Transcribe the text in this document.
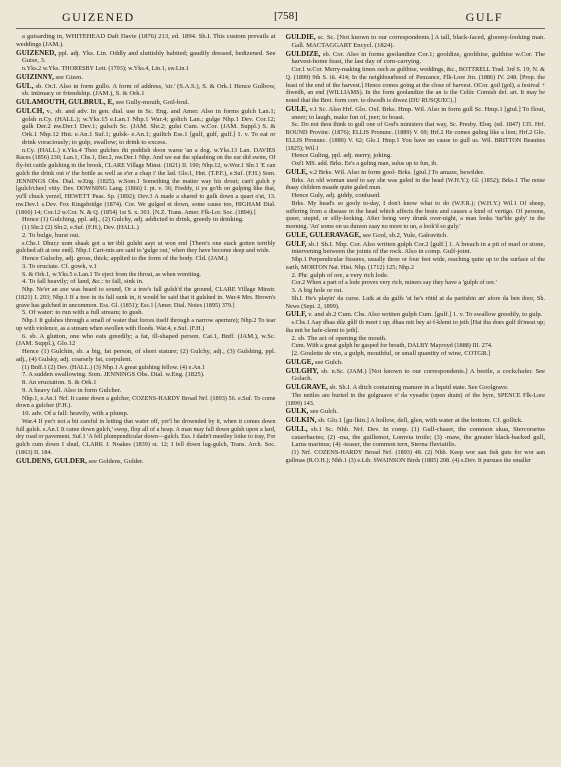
GUIZENED	[758]	GULF

a guisarding in, WHITEHEAD Daft Davie (1876) 213, ed. 1894. Sh.I. This custom prevails at weddings (JAM.).

GUIZENED, ppl. adj. Yks. Lin. Oddly and sluttishly habited; gaudily dressed, bedizened. See Guise, 3.

n.Yks.2 w.Yks. THORESBY Lett. (1703); w.Yks.4, Lin.1, sw.Lin.1

GUIZINNY, see Gizen.

GUL, sb. Or.I. Also in form gullo. A form of address, 'sir.' (S.A.S.), S. & Ork.1 Hence Gulbow, sb. intimacy or friendship. (JAM.), S. & Ork.1

GULAMOUTH, GULBRUL, E, see Gully-mouth, Goil-brul.

GULCH, v., sb. and adv. In gen. dial. use in Sc. Eng. and Amer. Also in forms gulch Lan.1; golsh n.Cy. (HALL.); w.Yks.15 e.Lan.1 Nhp.1 War.4; goltch Lan.; gulge Nhp.1 Dev. Cor.12; gulk Der.2 nw.Der.1 Dev.1; gulsch Sc. (JAM. Shr.2; gulst Cum. w.Cor. (JAM. Suppl.) S. & Ork.1 Nhp.12 Hnt. e.An.1 Suf.1; gulsk- e.An.1; guiltch Ess.1 [gulf, gulf, gulf.] 1. v. To eat or drink voraciously; to gulp, swallow; to drink to excess.

n.Cy. (HALL.) n.Yks.4 Thoo gulches thi poddish doon warse 'an a dog. w.Yks.13 Lan. DAVIES Races (1856) 230; Lan.1, Chs.1, Der.2, nw.Der.1 Nhp. And we eat the splashing on the ear did swim, Of fly-bit cattle gulshing in the brook, CLARE Village Minst. (1821) II. 190; Nhp.12, w.Wor.1 Shr.1 'E can gulch the drink out o' the bottle as well as e'er a chap i' the lad. Glo.1, Hnt. (T.P.F.), e.Suf. (F.H.) Som. JENNINGS Obs. Dial. w.Eng. (1825). w.Som.1 Something the matter way his drout; can't gulch y [gulch'chee] vitty. Dev. DOWNING Lang. (1866) I. pt. v. 36; Freddy, ii yu go'th on gulping like that, yu'll chuck yerzel, HEWETT Peas. Sp. (1892); Dev.3 A made a shared to gulk down a quart o'at, 13. nw.Dev.1 s.Dev. Fox Kingsbridge (1874). Cor. We gulged et down, some cause too, HIGHAM Dial. (1866) 14; Cor.12 w.Cor. N. & Q. (1854) 1st S. x. 301. [N.Z. Trans. Amer. Flk-Lor. Soc. (1894).]

Hence (1) Gulching, ppl. adj., (2) Gulchy, adj. addicted to drink, greedy in drinking.

(1) Shr.2 (2) Shr.2, e.Suf. (F.H.), Dev. (HALL.)

2. To bulge, burst out.

s.Chs.1 Dhur,r uom shaak got a ter·ibli gulsht aayt ut won end [There's one stack gotten terribly gulched aft at one end]. Nhp.1 Cart-ruts are said to 'gulge out,' when they have become deep and wide.

Hence Gulschy, adj. gross, thick; applied to the form of the body. Cld. (JAM.)

3. To eructate. Cf. gowk, v.1

S. & Ork.1, w.Yks.5 e.Lan.1 To eject from the throat, as when vomiting.

4. To fall heavily; of land, &c.: to fall, sink in.

Nhp. Ne'er an axe was heard to sound, Or a tree's fall gulsh'd the ground, CLARE Village Minstr. (1821) I. 203; Nhp.1 If a tree in its fall sunk in, it would be said that it gulshed in. War.4 Mrs. Brown's grave has gulched in uncommon. Ess. Gl. (1851); Ess.1 [Amer. Dial. Notes (1895) 379.]

5. Of water: to run with a full stream; to gush.

Nhp.1 It gulshes through a small of water that forces itself through a narrow aperture); Nhp.2 To tear up with violence, as a stream when swollen with floods. War.4, e.Suf. (F.H.)

6. sb. A glutton, one who eats greedily; a fat, ill-shaped person. Cai.1, Bnff. (JAM.), w.Sc. (JAM. Suppl.), Glo.12

Hence (1) Gulchin, sb. a big, fat person, of short stature; (2) Gulchy, adj., (3) Gulshing, ppl. adj., (4) Gulsky, adj. coarsely fat, corpulent.

(1) Bnff.1 (2) Dev. (HALL.) (3) Nhp.1 A great gulshing fellow. (4) e.An.1

7. A sudden swallowing. Som. JENNINGS Obs. Dial. w.Eng. (1825).

8. An eructation. S. & Ork.1

9. A heavy fall. Also in form Gulcher.

Nhp.1, e.An.1 Nrf. It came down a gulcher, COZENS-HARDY Broad Nrf. (1893) 56. e.Suf. To come down a gulcher (F.H.).

10. adv. Of a fall: heavily, with a plump.

War.4 If yer'r not a bit careful in letting that water off, yer'l be drownded by it, when it comes down full gulsh. e.An.1 It came down gulch,' swop, flop all of a heap. A man may fall down gulsh upon a lard, dry road or pavement. Suf.1 'A fell plumpendicular down—gulch. Ess. I dadn't meetley loike to tray, For gulch cum down I shud, CLARK J. Noakes (1839) st. 12; I fell down lug-gulch, Trans. Arch. Soc. (1863) II. 184.

GULDENS, GULDER, see Goldens, Golder.

GULDIE, sc. Sc. [Not known to our correspondents.] A tall, black-faced, gloomy-looking man. Gall. MACTAGGART Encycl. (1824).

GULDIZE, sb. Cor. Also in forms goolandize Cor.1; gooldize, goolthise, gulthise w.Cor. The harvest-home feast, the last day of corn-carrying.

Cor.1 w.Cor. Merry-making times such as gulthise, weddings, &c., BOTTRELL Trad. 3rd S. 19; N. & Q. (1899) 9th S. iii. 414; In the neighbourhood of Penzance, Flk-Lore Jrn. (1886) IV. 248. [Prop. the feast of the end of the harvest.] Hence comes going at the close of harvest. OCor. goil (gol), a festival + diwedh, an end (WILLIAMS). In the form goolandize the an is the Celtic Cornish def. art. It may be noted that the Bret. form corr. to diwedh is diwez (DU RUSQUEC).]

GULE, v.1 Sc. Also Hrf. Glo. Oxf. Brks. Hmp. Wil. Also in form gull Sc. Hmp.1 [giul.] To flout, sneer; to laugh, make fun of, jeer; to boast.

Sc. Do not thou think to gull one of God's ministers that way, Sc. Presby. Eloq. (ed. 1847) 135. Hrf. BOUND Provinc. (1876); ELLIS Pronunc. (1889) V. 69; Hrf.2 He comes guling like a lion; Hrf.2 Glo. ELLIS Pronunc. (1889) V. 62; Glo.1 Hmp.1 You have no cause to gull us. Wil. BRITTON Beauties (1825); Wil.1

Hence Guling, ppl. adj. merry, joking.

Oxf1 MS. add. Brks. Ee's a guling man, sulus up to fun, ib.

GULE, v.2 Brks. Wil. Also in form gool- Brks. [giul.] To amaze, bewilder.

Brks. An old woman used to say she was guled in the head (W.H.Y.); Gl. (1852); Brks.1 The noise thaay childern maade quite guled mun.

Hence Guly, adj. giddy, confused.

Brks. My head's so gooly to-day, I don't know what to do (W.F.R.); (W.H.Y.) Wil.1 Of sheep, suffering from a disease in the head which affects the brain and causes a kind of vertigo. Of persons, queer, stupid, or silly-looking. After being very drunk over-night, a man looks 'tur'ble guly' in the morning. 'An' some on us durzen zaay no more to un, a look'd so guly.'

GULE, GULERAVAGE, see Gool, sb.2, Yule, Galravitch.

GULF, sb.1 Sh.I. Nhp. Cor. Also written gulph Cor.2 [gulf.] 1. A breach in a pit of marl or stone, intervening between the joints of the rock. Also in comp. Gulf-joint.

Nhp.1 Perpendicular fissures, usually three or four feet wide, reaching quite up to the surface of the earth, MORTON Nat. Hist. Nhp. (1712) 125; Nhp.2

2. Phr. gulph of ore, a very rich lode.

Cor.2 When a part of a lode proves very rich, miners say they have a 'gulph of ore.'

3. A big hole or rut.

Sh.I. He's playin' da curse. Luik at da gulfs 'at he's rötid at da partishin an' afore da ben door, Sh. News (Sept. 2, 1899).

GULF, v. and sb.2 Cum. Chs. Also written gulph Cum. [gulf.] 1. v. To swallow greedily, to gulp.

s.Chs.1 Aay dhaa dûz gûlf th meet t up; dhaa mit bey ai·f-klemt to jeth [Hai tha does gulf th'meat up; tha mit be hafe-clemt to jeth].

2. sb. The act of opening the mouth.

Cum. With a great gulph he gasped for breath, DALBY Mayroyd (1888) III. 274.

[2. Goulette de vin, a gulph, mouthful, or small quantity of wine, COTGR.]

GULGE, see Gulch.

GULGHY, sb. n.Sc. (JAM.) [Not known to our correspondents.] A beetle, a cockchafer. See Golach.

GULGRAVE, sb. Sh.I. A ditch containing manure in a liquid state. See Goolgrave.

The nettles are buried in the gulgraave o' da vyeadie (open drain) of the byre, SPENCE Flk-Lore (1899) 143.

GULK, see Gulch.

GULKIN, sb. Glo.1 [gu·lkin.] A hollow, dell, glen, with water at the bottom. Cf. gollick.

GULL, sb.1 Sc. Nhb. Nrf. Dev. In comp. (1) Gull-chaser, the common skua, Stercorarius catarrhactes; (2) -ma, the guillemot, Lomvia troile; (3) -maw, the greater black-backed gull, Larus marinus; (4) -teaser, the common tern, Sterna fluviatilis.

(1) Nrf. COZENS-HARDY Broad Nrf. (1893) 48. (2) Nhb. Keep wor aan fish guts for wor aan gullmas (R.O.H.); Nhb.1 (3) e.Lth. SWAINSON Birds (1885) 208. (4) s.Dev. It pursues the smaller
